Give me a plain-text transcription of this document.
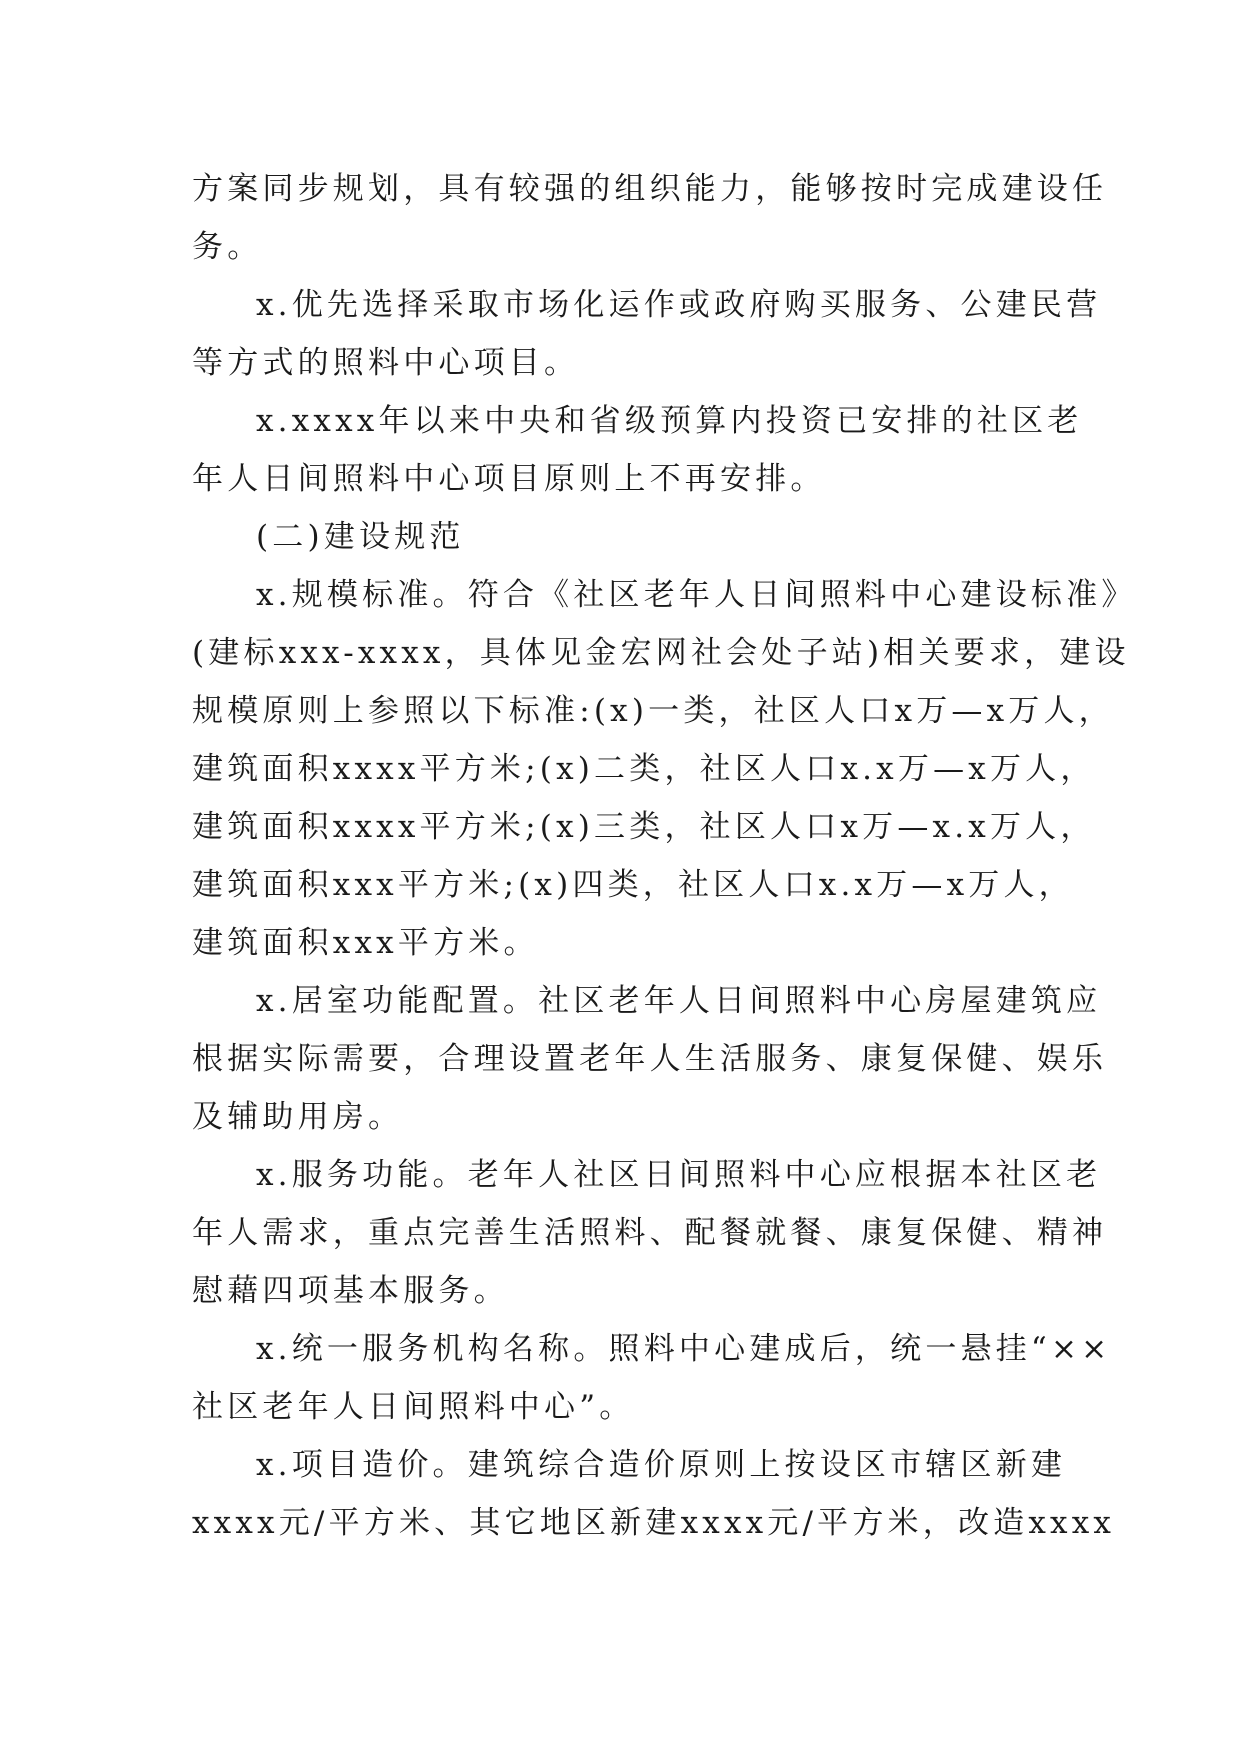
方案同步规划，具有较强的组织能力，能够按时完成建设任
务。
x.优先选择采取市场化运作或政府购买服务、公建民营
等方式的照料中心项目。
x.xxxx年以来中央和省级预算内投资已安排的社区老
年人日间照料中心项目原则上不再安排。
(二)建设规范
x.规模标准。符合《社区老年人日间照料中心建设标准》
(建标xxx-xxxx，具体见金宏网社会处子站)相关要求，建设
规模原则上参照以下标准:(x)一类，社区人口x万—x万人，
建筑面积xxxx平方米;(x)二类，社区人口x.x万—x万人，
建筑面积xxxx平方米;(x)三类，社区人口x万—x.x万人，
建筑面积xxx平方米;(x)四类，社区人口x.x万—x万人，
建筑面积xxx平方米。
x.居室功能配置。社区老年人日间照料中心房屋建筑应
根据实际需要，合理设置老年人生活服务、康复保健、娱乐
及辅助用房。
x.服务功能。老年人社区日间照料中心应根据本社区老
年人需求，重点完善生活照料、配餐就餐、康复保健、精神
慰藉四项基本服务。
x.统一服务机构名称。照料中心建成后，统一悬挂“××
社区老年人日间照料中心”。
x.项目造价。建筑综合造价原则上按设区市辖区新建
xxxx元/平方米、其它地区新建xxxx元/平方米，改造xxxx
